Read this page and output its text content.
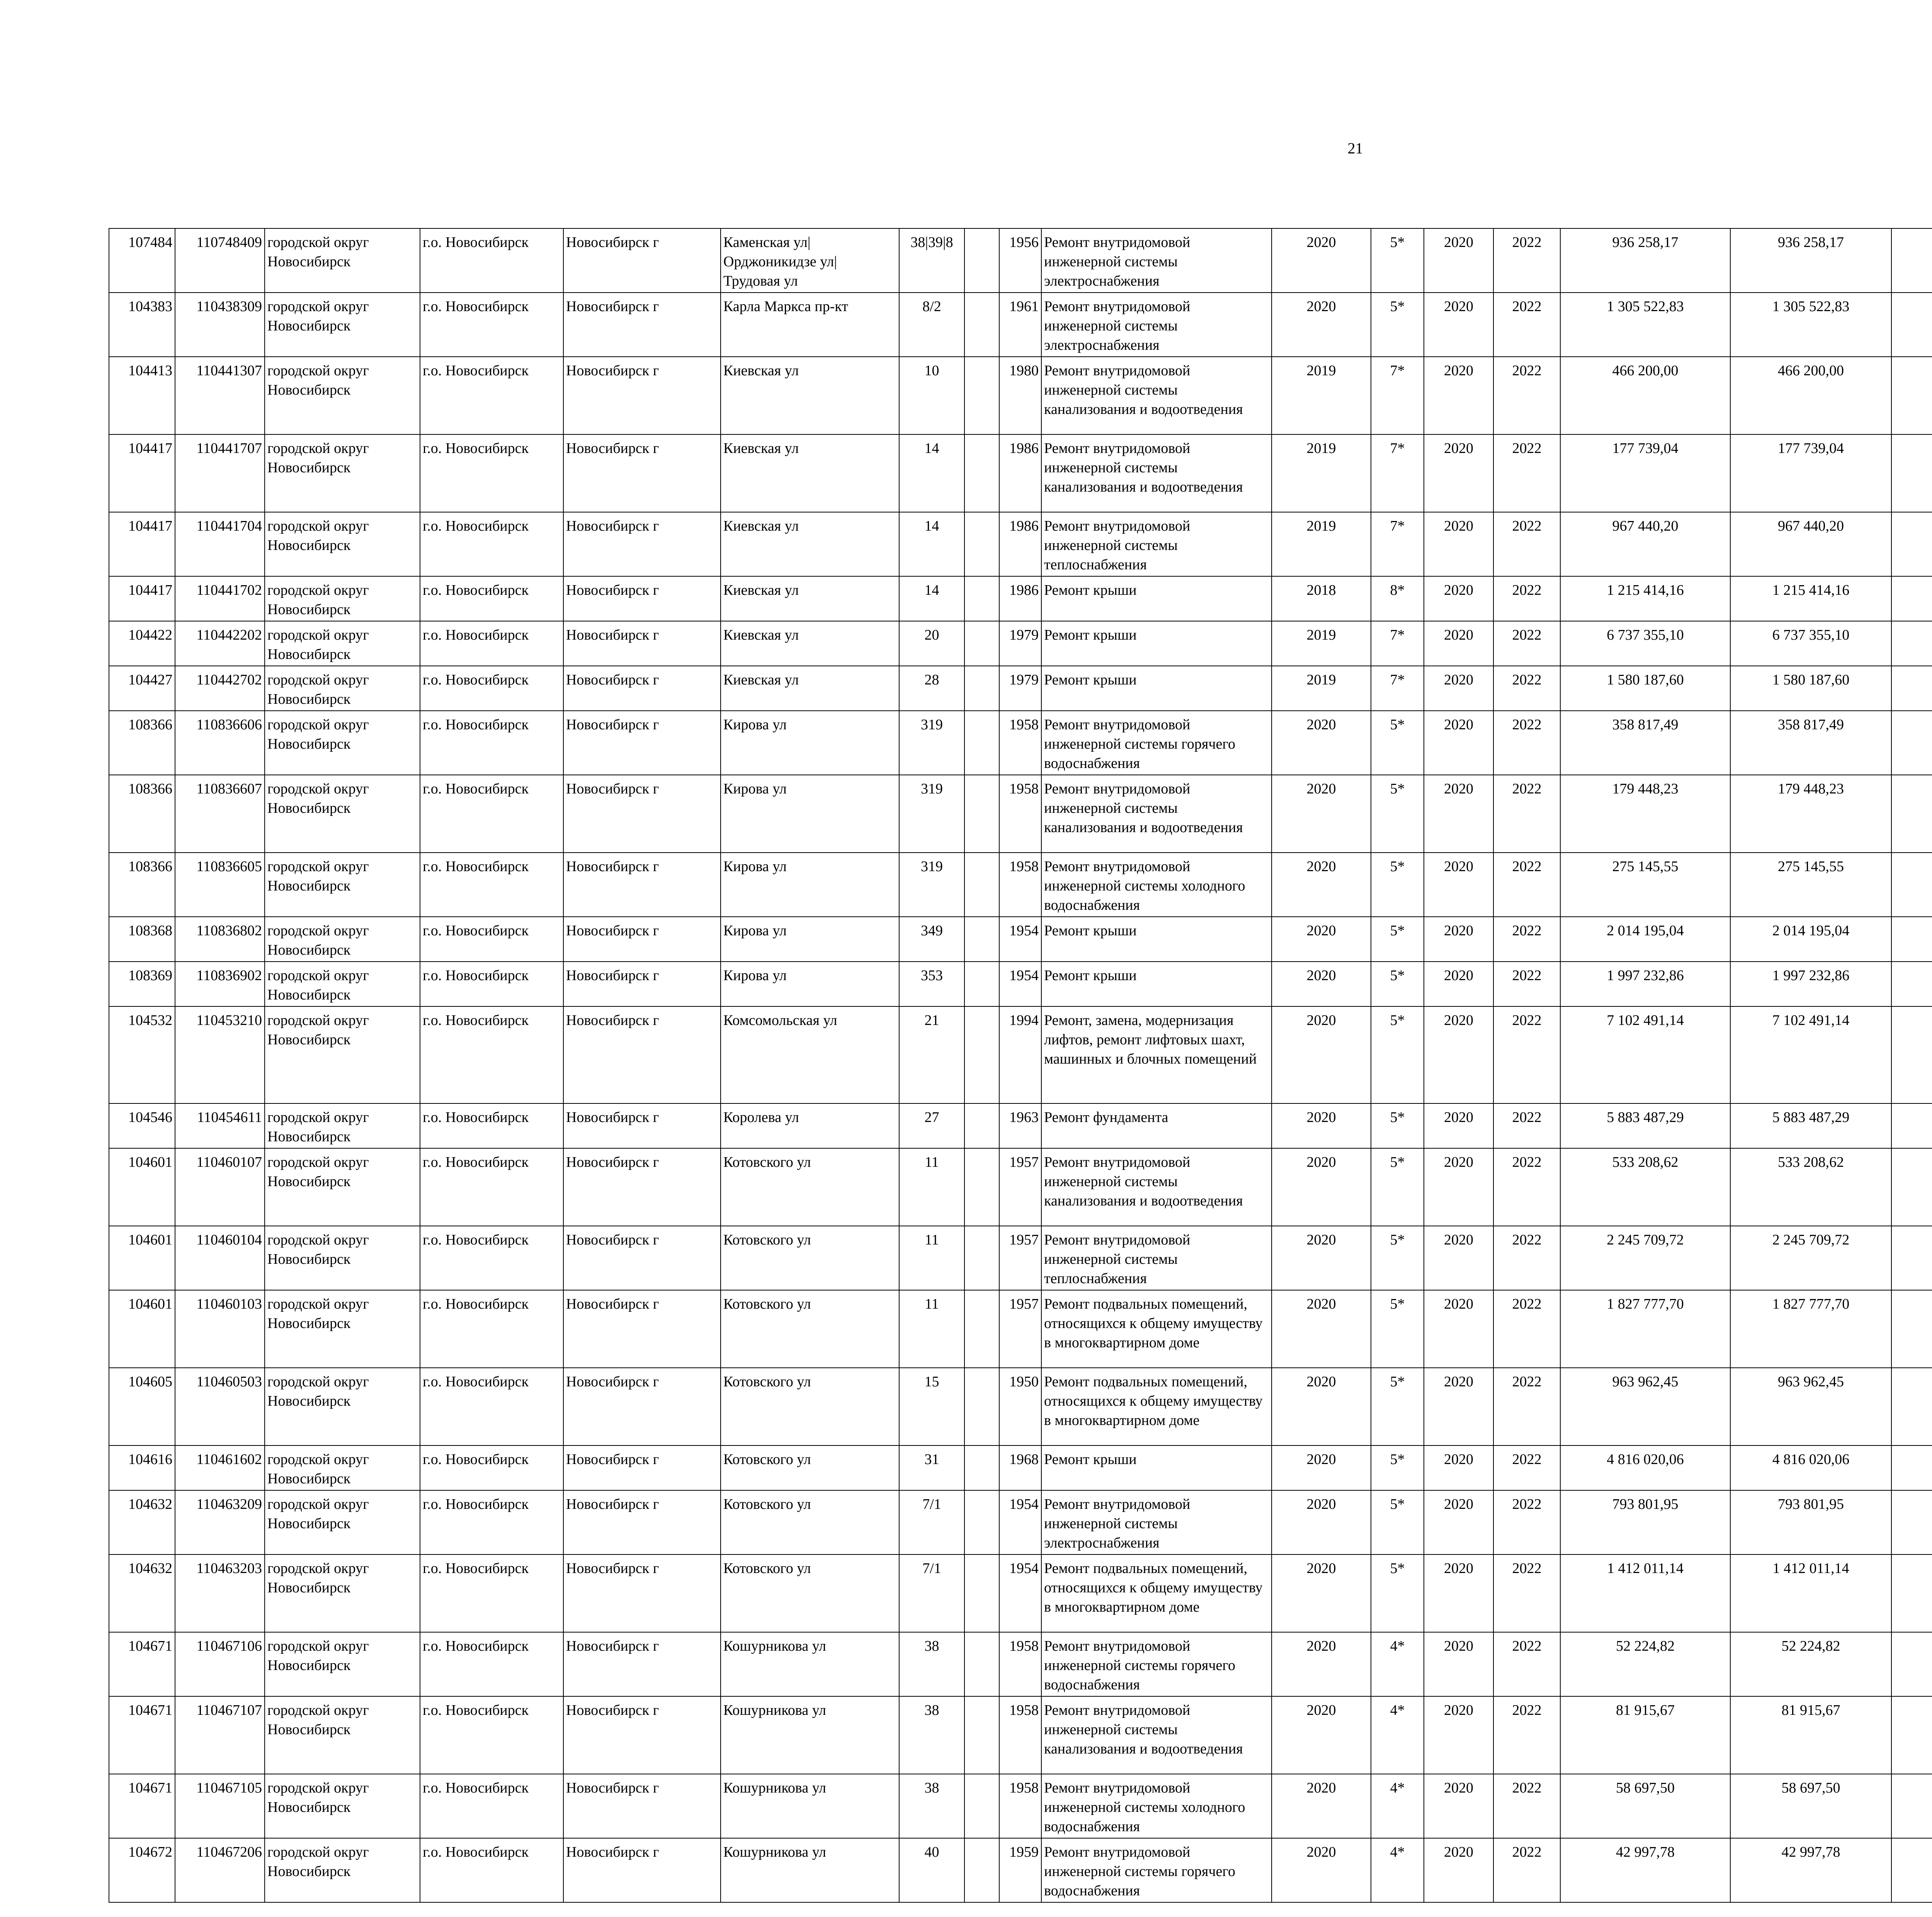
21
107484	110748409	городской округ Новосибирск	г.о. Новосибирск	Новосибирск г	Каменская ул| Орджоникидзе ул| Трудовая ул	38|39|8		1956	Ремонт внутридомовой инженерной системы электроснабжения	2020	5*	2020	2022	936 258,17	936 258,17						
104383	110438309	городской округ Новосибирск	г.о. Новосибирск	Новосибирск г	Карла Маркса пр-кт	8/2		1961	Ремонт внутридомовой инженерной системы электроснабжения	2020	5*	2020	2022	1 305 522,83	1 305 522,83						
104413	110441307	городской округ Новосибирск	г.о. Новосибирск	Новосибирск г	Киевская ул	10		1980	Ремонт внутридомовой инженерной системы канализования и водоотведения	2019	7*	2020	2022	466 200,00	466 200,00						
104417	110441707	городской округ Новосибирск	г.о. Новосибирск	Новосибирск г	Киевская ул	14		1986	Ремонт внутридомовой инженерной системы канализования и водоотведения	2019	7*	2020	2022	177 739,04	177 739,04						
104417	110441704	городской округ Новосибирск	г.о. Новосибирск	Новосибирск г	Киевская ул	14		1986	Ремонт внутридомовой инженерной системы теплоснабжения	2019	7*	2020	2022	967 440,20	967 440,20						
104417	110441702	городской округ Новосибирск	г.о. Новосибирск	Новосибирск г	Киевская ул	14		1986	Ремонт крыши	2018	8*	2020	2022	1 215 414,16	1 215 414,16						
104422	110442202	городской округ Новосибирск	г.о. Новосибирск	Новосибирск г	Киевская ул	20		1979	Ремонт крыши	2019	7*	2020	2022	6 737 355,10	6 737 355,10						
104427	110442702	городской округ Новосибирск	г.о. Новосибирск	Новосибирск г	Киевская ул	28		1979	Ремонт крыши	2019	7*	2020	2022	1 580 187,60	1 580 187,60						
108366	110836606	городской округ Новосибирск	г.о. Новосибирск	Новосибирск г	Кирова ул	319		1958	Ремонт внутридомовой инженерной системы горячего водоснабжения	2020	5*	2020	2022	358 817,49	358 817,49						
108366	110836607	городской округ Новосибирск	г.о. Новосибирск	Новосибирск г	Кирова ул	319		1958	Ремонт внутридомовой инженерной системы канализования и водоотведения	2020	5*	2020	2022	179 448,23	179 448,23						
108366	110836605	городской округ Новосибирск	г.о. Новосибирск	Новосибирск г	Кирова ул	319		1958	Ремонт внутридомовой инженерной системы холодного водоснабжения	2020	5*	2020	2022	275 145,55	275 145,55						
108368	110836802	городской округ Новосибирск	г.о. Новосибирск	Новосибирск г	Кирова ул	349		1954	Ремонт крыши	2020	5*	2020	2022	2 014 195,04	2 014 195,04						
108369	110836902	городской округ Новосибирск	г.о. Новосибирск	Новосибирск г	Кирова ул	353		1954	Ремонт крыши	2020	5*	2020	2022	1 997 232,86	1 997 232,86						
104532	110453210	городской округ Новосибирск	г.о. Новосибирск	Новосибирск г	Комсомольская ул	21		1994	Ремонт, замена, модернизация лифтов, ремонт лифтовых шахт, машинных и блочных помещений	2020	5*	2020	2022	7 102 491,14	7 102 491,14						
104546	110454611	городской округ Новосибирск	г.о. Новосибирск	Новосибирск г	Королева ул	27		1963	Ремонт фундамента	2020	5*	2020	2022	5 883 487,29	5 883 487,29						
104601	110460107	городской округ Новосибирск	г.о. Новосибирск	Новосибирск г	Котовского ул	11		1957	Ремонт внутридомовой инженерной системы канализования и водоотведения	2020	5*	2020	2022	533 208,62	533 208,62						
104601	110460104	городской округ Новосибирск	г.о. Новосибирск	Новосибирск г	Котовского ул	11		1957	Ремонт внутридомовой инженерной системы теплоснабжения	2020	5*	2020	2022	2 245 709,72	2 245 709,72						
104601	110460103	городской округ Новосибирск	г.о. Новосибирск	Новосибирск г	Котовского ул	11		1957	Ремонт подвальных помещений, относящихся к общему имуществу в многоквартирном доме	2020	5*	2020	2022	1 827 777,70	1 827 777,70						
104605	110460503	городской округ Новосибирск	г.о. Новосибирск	Новосибирск г	Котовского ул	15		1950	Ремонт подвальных помещений, относящихся к общему имуществу в многоквартирном доме	2020	5*	2020	2022	963 962,45	963 962,45						
104616	110461602	городской округ Новосибирск	г.о. Новосибирск	Новосибирск г	Котовского ул	31		1968	Ремонт крыши	2020	5*	2020	2022	4 816 020,06	4 816 020,06						
104632	110463209	городской округ Новосибирск	г.о. Новосибирск	Новосибирск г	Котовского ул	7/1		1954	Ремонт внутридомовой инженерной системы электроснабжения	2020	5*	2020	2022	793 801,95	793 801,95						
104632	110463203	городской округ Новосибирск	г.о. Новосибирск	Новосибирск г	Котовского ул	7/1		1954	Ремонт подвальных помещений, относящихся к общему имуществу в многоквартирном доме	2020	5*	2020	2022	1 412 011,14	1 412 011,14						
104671	110467106	городской округ Новосибирск	г.о. Новосибирск	Новосибирск г	Кошурникова ул	38		1958	Ремонт внутридомовой инженерной системы горячего водоснабжения	2020	4*	2020	2022	52 224,82	52 224,82						
104671	110467107	городской округ Новосибирск	г.о. Новосибирск	Новосибирск г	Кошурникова ул	38		1958	Ремонт внутридомовой инженерной системы канализования и водоотведения	2020	4*	2020	2022	81 915,67	81 915,67						
104671	110467105	городской округ Новосибирск	г.о. Новосибирск	Новосибирск г	Кошурникова ул	38		1958	Ремонт внутридомовой инженерной системы холодного водоснабжения	2020	4*	2020	2022	58 697,50	58 697,50						
104672	110467206	городской округ Новосибирск	г.о. Новосибирск	Новосибирск г	Кошурникова ул	40		1959	Ремонт внутридомовой инженерной системы горячего водоснабжения	2020	4*	2020	2022	42 997,78	42 997,78						
